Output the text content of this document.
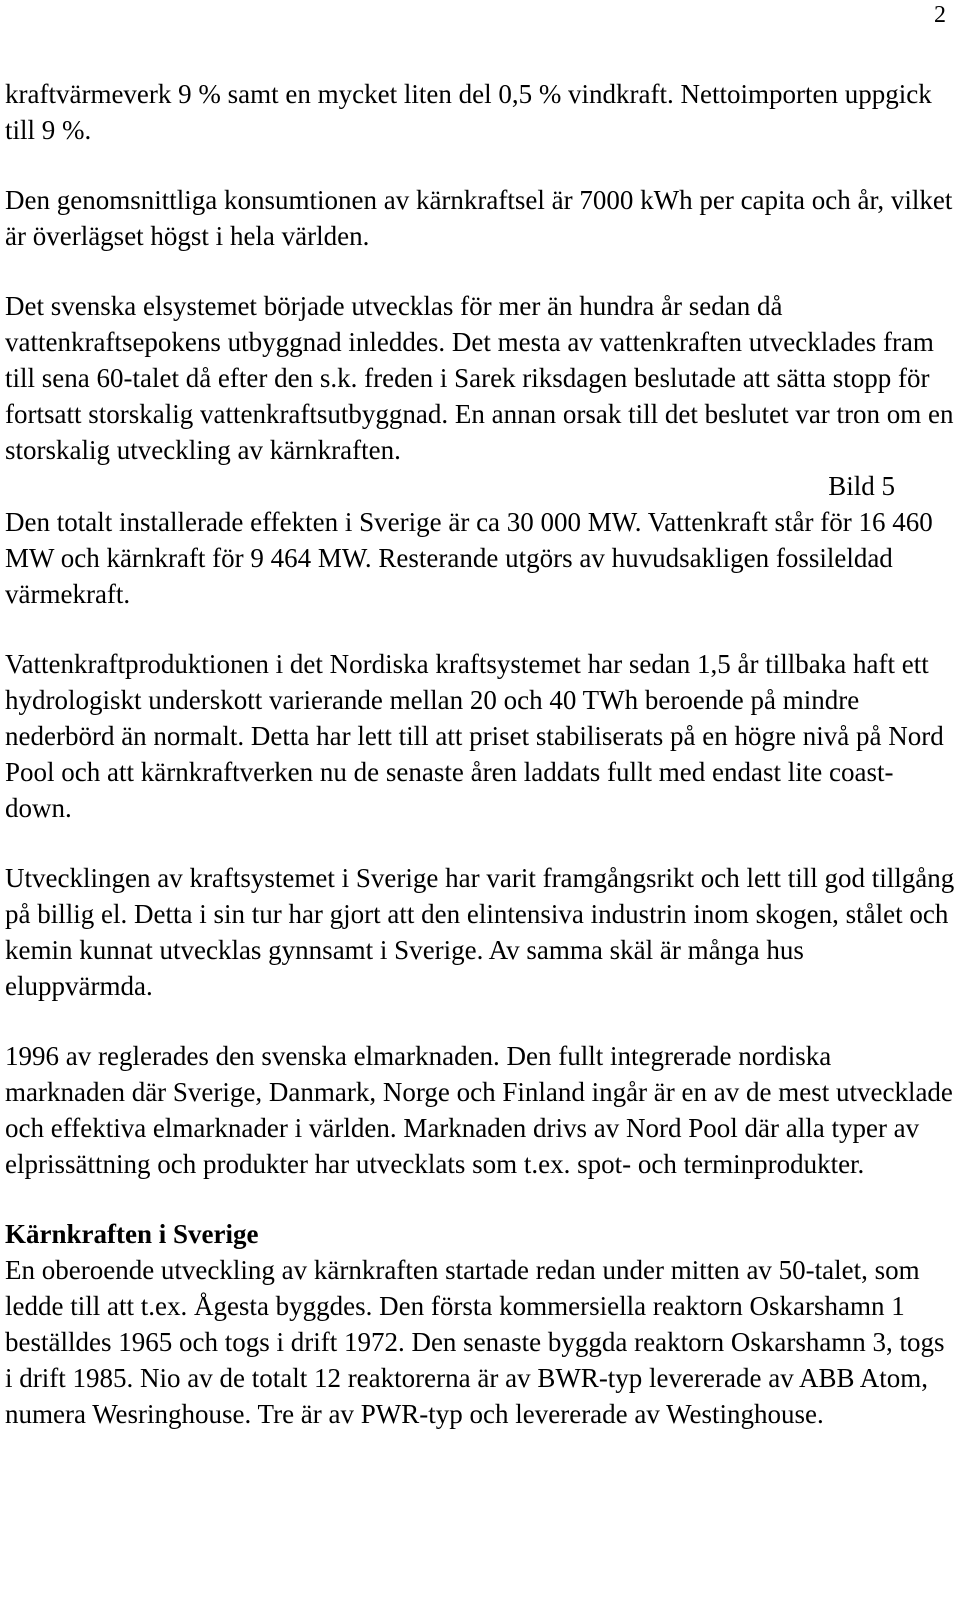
2

kraftvärmeverk 9 % samt en mycket liten del 0,5 % vindkraft. Nettoimporten uppgick till 9 %.

Den genomsnittliga konsumtionen av kärnkraftsel är 7000 kWh per capita och år, vilket är överlägset högst i hela världen.

Det svenska elsystemet började utvecklas för mer än hundra år sedan då vattenkraftsepokens utbyggnad inleddes. Det mesta av vattenkraften utvecklades fram till sena 60-talet då efter den s.k. freden i Sarek riksdagen beslutade att sätta stopp för fortsatt storskalig vattenkraftsutbyggnad. En annan orsak till det beslutet var tron om en storskalig utveckling av kärnkraften.

Bild 5

Den totalt installerade effekten i Sverige är ca 30 000 MW. Vattenkraft står för 16 460 MW och kärnkraft för 9 464 MW. Resterande utgörs av huvudsakligen fossileldad värmekraft.

Vattenkraftproduktionen i det Nordiska kraftsystemet har sedan 1,5 år tillbaka haft ett hydrologiskt underskott varierande mellan 20 och 40 TWh beroende på mindre nederbörd än normalt. Detta har lett till att priset stabiliserats på en högre nivå på Nord Pool och att kärnkraftverken nu de senaste åren laddats fullt med endast lite coast-down.

Utvecklingen av kraftsystemet i Sverige har varit framgångsrikt och lett till god tillgång på billig el. Detta i sin tur har gjort att den elintensiva industrin inom skogen, stålet och kemin kunnat utvecklas gynnsamt i Sverige. Av samma skäl är många hus eluppvärmda.

1996 av reglerades den svenska elmarknaden. Den fullt integrerade nordiska marknaden där Sverige, Danmark, Norge och Finland ingår är en av de mest utvecklade och effektiva elmarknader i världen. Marknaden drivs av Nord Pool där alla typer av elprissättning och produkter har utvecklats som t.ex. spot- och terminprodukter.

Kärnkraften i Sverige

En oberoende utveckling av kärnkraften startade redan under mitten av 50-talet, som ledde till att t.ex. Ågesta byggdes. Den första kommersiella reaktorn Oskarshamn 1 beställdes 1965 och togs i drift 1972. Den senaste byggda reaktorn Oskarshamn 3, togs i drift 1985. Nio av de totalt 12 reaktorerna är av BWR-typ levererade av ABB Atom, numera Wesringhouse. Tre är av PWR-typ och levererade av Westinghouse.
